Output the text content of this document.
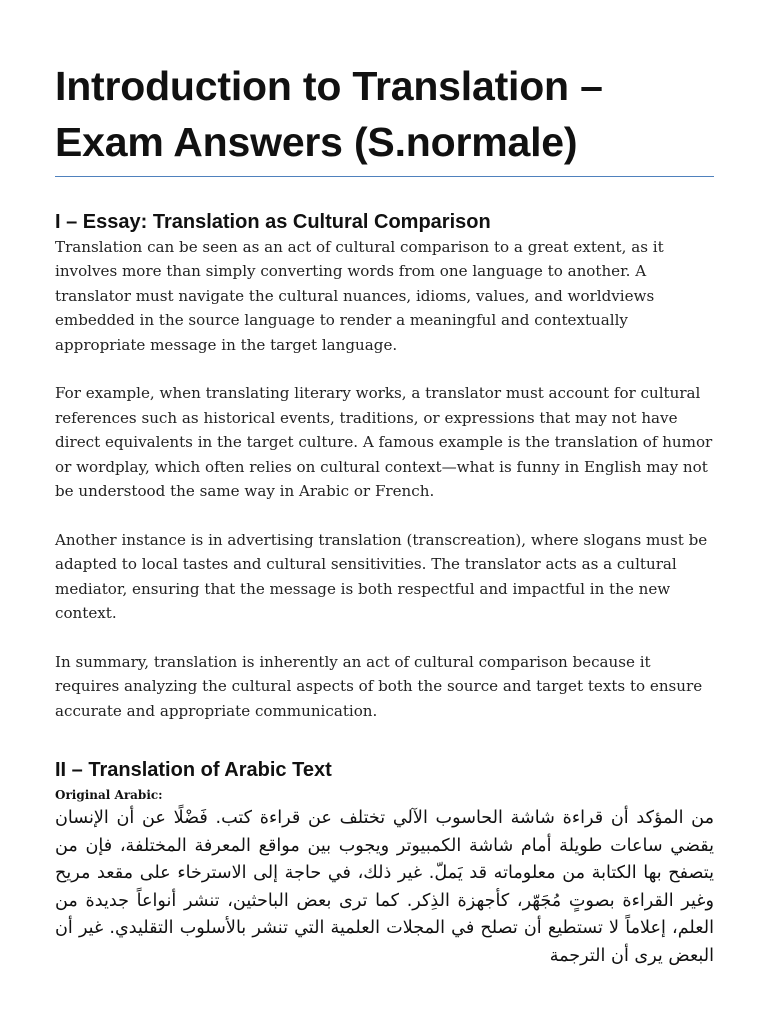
Introduction to Translation – Exam Answers (S.normale)
I – Essay: Translation as Cultural Comparison

Translation can be seen as an act of cultural comparison to a great extent, as it involves more than simply converting words from one language to another. A translator must navigate the cultural nuances, idioms, values, and worldviews embedded in the source language to render a meaningful and contextually appropriate message in the target language.

For example, when translating literary works, a translator must account for cultural references such as historical events, traditions, or expressions that may not have direct equivalents in the target culture. A famous example is the translation of humor or wordplay, which often relies on cultural context—what is funny in English may not be understood the same way in Arabic or French.

Another instance is in advertising translation (transcreation), where slogans must be adapted to local tastes and cultural sensitivities. The translator acts as a cultural mediator, ensuring that the message is both respectful and impactful in the new context.

In summary, translation is inherently an act of cultural comparison because it requires analyzing the cultural aspects of both the source and target texts to ensure accurate and appropriate communication.

II – Translation of Arabic Text

Original Arabic:

من المؤكد أن قراءة شاشة الحاسوب الآلي تختلف عن قراءة كتب. فَضْلًا عن أن الإنسان يقضي ساعات طويلة أمام شاشة الكمبيوتر ويجوب بين مواقع المعرفة المختلفة، فإن من يتصفح بها الكتابة من معلوماته قد يَملّ. غير ذلك، في حاجة إلى الاسترخاء على مقعد مريح وغير القراءة بصوتٍ مُجَهّر، كأجهزة الذِكر. كما ترى بعض الباحثين، تنشر أنواعاً جديدة من العلم، إعلاماً لا تستطيع أن تصلح في المجلات العلمية التي تنشر بالأسلوب التقليدي. غير أن البعض يرى أن الترجمة
